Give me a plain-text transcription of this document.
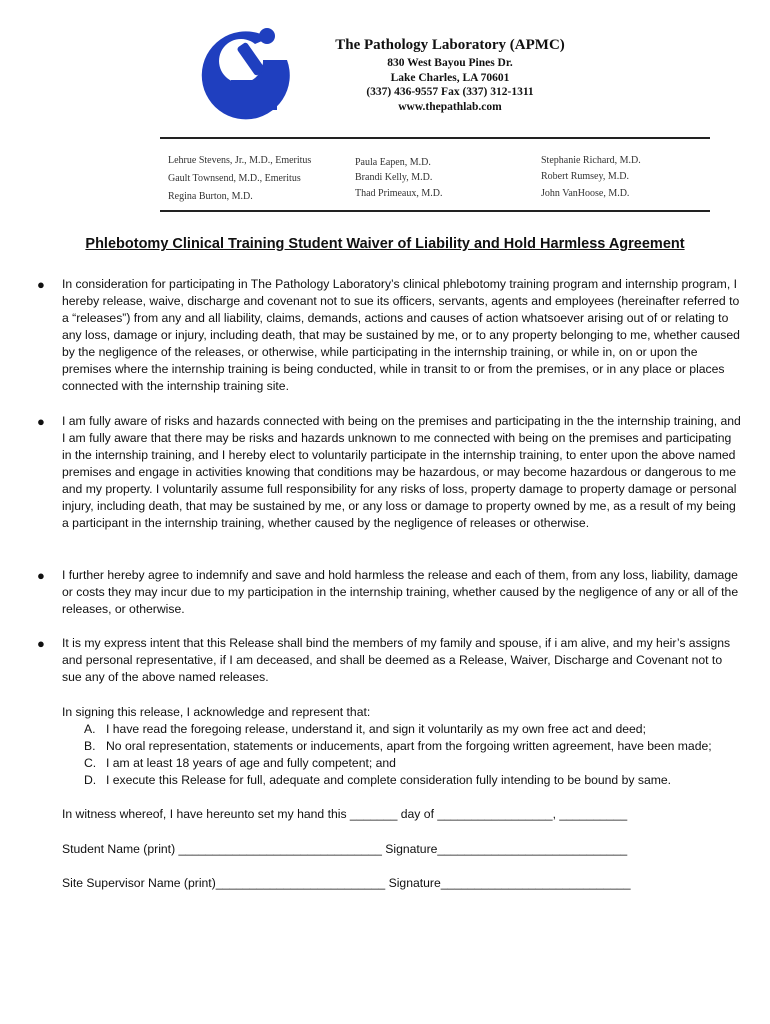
The Pathology Laboratory (APMC)
830 West Bayou Pines Dr.
Lake Charles, LA 70601
(337) 436-9557 Fax (337) 312-1311
www.thepathlab.com
Lehrue Stevens, Jr., M.D., Emeritus
Gault Townsend, M.D., Emeritus
Regina Burton, M.D.
Paula Eapen, M.D.
Brandi Kelly, M.D.
Thad Primeaux, M.D.
Stephanie Richard, M.D.
Robert Rumsey, M.D.
John VanHoose, M.D.
Phlebotomy Clinical Training Student Waiver of Liability and Hold Harmless Agreement
● In consideration for participating in The Pathology Laboratory’s clinical phlebotomy training program and internship program, I hereby release, waive, discharge and covenant not to sue its officers, servants, agents and employees (hereinafter referred to a “releases”) from any and all liability, claims, demands, actions and causes of action whatsoever arising out of or relating to any loss, damage or injury, including death, that may be sustained by me, or to any property belonging to me, whether caused by the negligence of the releases, or otherwise, while participating in the internship training, or while in, on or upon the premises where the internship training is being conducted, while in transit to or from the premises, or in any place or places connected with the internship training site.

● I am fully aware of risks and hazards connected with being on the premises and participating in the the internship training, and I am fully aware that there may be risks and hazards unknown to me connected with being on the premises and participating in the internship training, and I hereby elect to voluntarily participate in the internship training, to enter upon the above named premises and engage in activities knowing that conditions may be hazardous, or may become hazardous or dangerous to me and my property. I voluntarily assume full responsibility for any risks of loss, property damage to property damage or personal injury, including death, that may be sustained by me, or any loss or damage to property owned by me, as a result of my being a participant in the internship training, whether caused by the negligence of releases or otherwise.

● I further hereby agree to indemnify and save and hold harmless the release and each of them, from any loss, liability, damage or costs they may incur due to my participation in the internship training, whether caused by the negligence of any or all of the releases, or otherwise.

● It is my express intent that this Release shall bind the members of my family and spouse, if i am alive, and my heir’s assigns and personal representative, if I am deceased, and shall be deemed as a Release, Waiver, Discharge and Covenant not to sue any of the above named releases.

In signing this release, I acknowledge and represent that:
A. I have read the foregoing release, understand it, and sign it voluntarily as my own free act and deed;
B. No oral representation, statements or inducements, apart from the forgoing written agreement, have been made;
C. I am at least 18 years of age and fully competent; and
D. I execute this Release for full, adequate and complete consideration fully intending to be bound by same.
In witness whereof, I have hereunto set my hand this _______ day of _________________, __________
Student Name (print) ______________________________ Signature____________________________
Site Supervisor Name (print)_________________________ Signature____________________________
